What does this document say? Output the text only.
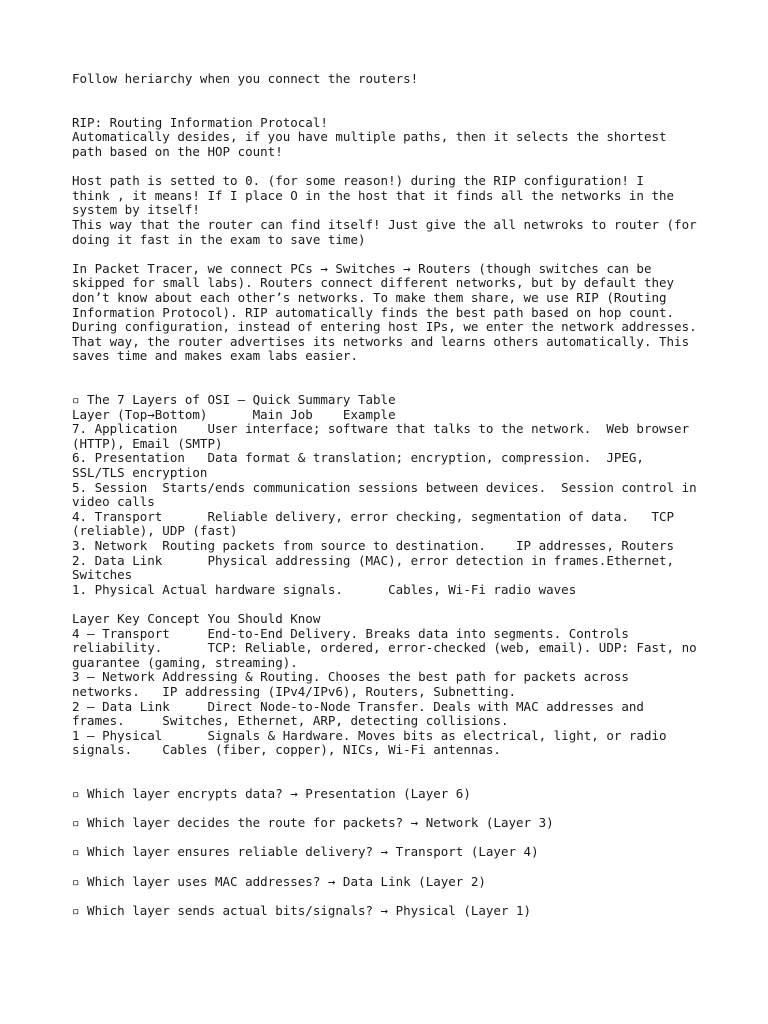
Follow heriarchy when you connect the routers!
RIP: Routing Information Protocal!
Automatically desides, if you have multiple paths, then it selects the shortest
path based on the HOP count!
Host path is setted to 0. (for some reason!) during the RIP configuration! I
think , it means! If I place O in the host that it finds all the networks in the
system by itself!
This way that the router can find itself! Just give the all netwroks to router (for
doing it fast in the exam to save time)
In Packet Tracer, we connect PCs → Switches → Routers (though switches can be
skipped for small labs). Routers connect different networks, but by default they
don’t know about each other’s networks. To make them share, we use RIP (Routing
Information Protocol). RIP automatically finds the best path based on hop count.
During configuration, instead of entering host IPs, we enter the network addresses.
That way, the router advertises its networks and learns others automatically. This
saves time and makes exam labs easier.
▫ The 7 Layers of OSI – Quick Summary Table
Layer (Top→Bottom)      Main Job    Example
7. Application    User interface; software that talks to the network.  Web browser
(HTTP), Email (SMTP)
6. Presentation   Data format & translation; encryption, compression.  JPEG,
SSL/TLS encryption
5. Session  Starts/ends communication sessions between devices.  Session control in
video calls
4. Transport      Reliable delivery, error checking, segmentation of data.   TCP
(reliable), UDP (fast)
3. Network  Routing packets from source to destination.    IP addresses, Routers
2. Data Link      Physical addressing (MAC), error detection in frames.Ethernet,
Switches
1. Physical Actual hardware signals.      Cables, Wi-Fi radio waves
Layer Key Concept You Should Know
4 – Transport     End-to-End Delivery. Breaks data into segments. Controls
reliability.      TCP: Reliable, ordered, error-checked (web, email). UDP: Fast, no
guarantee (gaming, streaming).
3 – Network Addressing & Routing. Chooses the best path for packets across
networks.   IP addressing (IPv4/IPv6), Routers, Subnetting.
2 – Data Link     Direct Node-to-Node Transfer. Deals with MAC addresses and
frames.     Switches, Ethernet, ARP, detecting collisions.
1 – Physical      Signals & Hardware. Moves bits as electrical, light, or radio
signals.    Cables (fiber, copper), NICs, Wi-Fi antennas.
▫ Which layer encrypts data? → Presentation (Layer 6)
▫ Which layer decides the route for packets? → Network (Layer 3)
▫ Which layer ensures reliable delivery? → Transport (Layer 4)
▫ Which layer uses MAC addresses? → Data Link (Layer 2)
▫ Which layer sends actual bits/signals? → Physical (Layer 1)
